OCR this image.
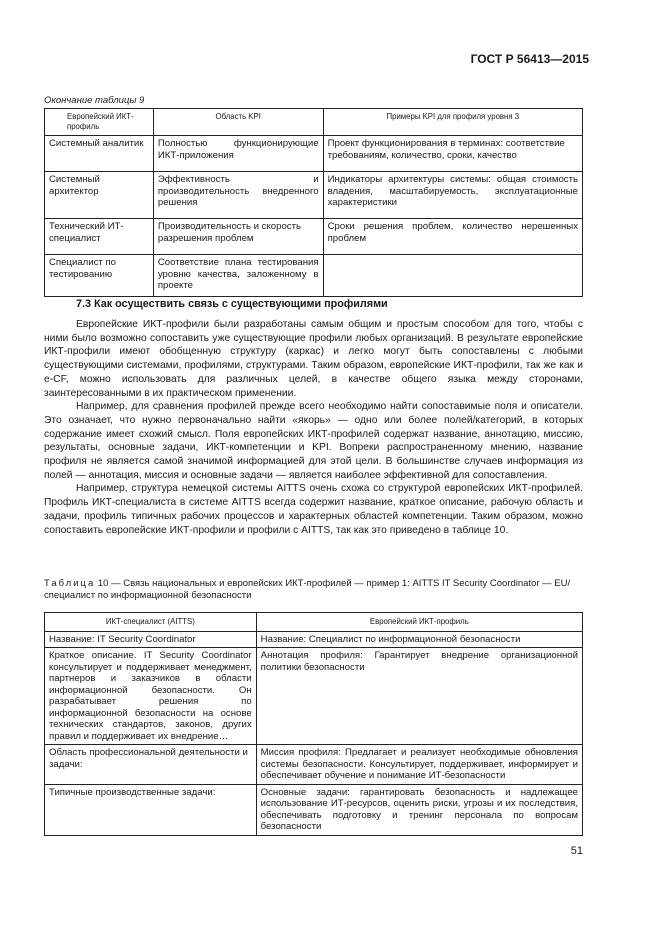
ГОСТ Р 56413—2015
Окончание таблицы 9
Европейский ИКТ-профиль	Область KPI	Примеры KPI для профиля уровня 3
Системный аналитик	Полностью функционирующие ИКТ-приложения	Проект функционирования в терминах: соответствие требованиям, количество, сроки, качество
Системный архитектор	Эффективность и производительность внедренного решения	Индикаторы архитектуры системы: общая стоимость владения, масштабируемость, эксплуатационные характеристики
Технический ИТ-специалист	Производительность и скорость разрешения проблем	Сроки решения проблем, количество нерешенных проблем
Специалист по тестированию	Соответствие плана тестирования уровню качества, заложенному в проекте	
7.3 Как осуществить связь с существующими профилями

Европейские ИКТ-профили были разработаны самым общим и простым способом для того, чтобы с ними было возможно сопоставить уже существующие профили любых организаций. В результате европейские ИКТ-профили имеют обобщенную структуру (каркас) и легко могут быть сопоставлены с любыми существующими системами, профилями, структурами. Таким образом, европейские ИКТ-профили, так же как и е-CF, можно использовать для различных целей, в качестве общего языка между сторонами, заинтересованными в их практическом применении.

Например, для сравнения профилей прежде всего необходимо найти сопоставимые поля и описатели. Это означает, что нужно первоначально найти «якорь» — одно или более полей/категорий, в которых содержание имеет схожий смысл. Поля европейских ИКТ-профилей содержат название, аннотацию, миссию, результаты, основные задачи, ИКТ-компетенции и KPI. Вопреки распространенному мнению, название профиля не является самой значимой информацией для этой цели. В большинстве случаев информация из полей — аннотация, миссия и основные задачи — является наиболее эффективной для сопоставления.

Например, структура немецкой системы AITTS очень схожа со структурой европейских ИКТ-профилей. Профиль ИКТ-специалиста в системе AITTS всегда содержит название, краткое описание, рабочую область и задачи, профиль типичных рабочих процессов и характерных областей компетенции. Таким образом, можно сопоставить европейские ИКТ-профили и профили с AITTS, так как это приведено в таблице 10.

Таблица 10 — Связь национальных и европейских ИКТ-профилей — пример 1: AITTS IT Security Coordinator — EU/специалист по информационной безопасности
ИКТ-специалист (AITTS)	Европейский ИКТ-профиль
Название: IT Security Coordinator	Название: Специалист по информационной безопасности
Краткое описание. IT Security Coordinator консультирует и поддерживает менеджмент, партнеров и заказчиков в области информационной безопасности. Он разрабатывает решения по информационной безопасности на основе технических стандартов, законов, других правил и поддерживает их внедрение…	Аннотация профиля: Гарантирует внедрение организационной политики безопасности
Область профессиональной деятельности и задачи:	Миссия профиля: Предлагает и реализует необходимые обновления системы безопасности. Консультирует, поддерживает, информирует и обеспечивает обучение и понимание ИТ-безопасности
Типичные производственные задачи:	Основные задачи: гарантировать безопасность и надлежащее использование ИТ-ресурсов, оценить риски, угрозы и их последствия, обеспечивать подготовку и тренинг персонала по вопросам безопасности
51
